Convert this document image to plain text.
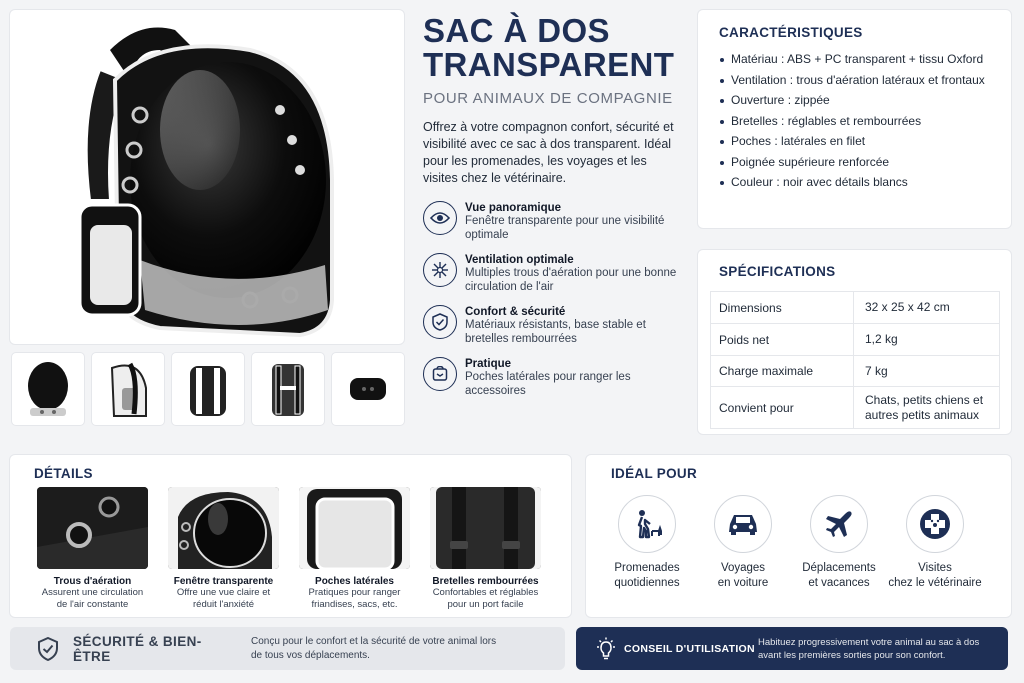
SAC À DOS
TRANSPARENT
POUR ANIMAUX DE COMPAGNIE

Offrez à votre compagnon confort, sécurité et visibilité avec ce sac à dos transparent. Idéal pour les promenades, les voyages et les visites chez le vétérinaire.

Vue panoramique
Fenêtre transparente pour une visibilité optimale
Ventilation optimale
Multiples trous d'aération pour une bonne circulation de l'air
Confort & sécurité
Matériaux résistants, base stable et bretelles rembourrées
Pratique
Poches latérales pour ranger les accessoires
CARACTÉRISTIQUES
Matériau : ABS + PC transparent + tissu Oxford
Ventilation : trous d'aération latéraux et frontaux
Ouverture : zippée
Bretelles : réglables et rembourrées
Poches : latérales en filet
Poignée supérieure renforcée
Couleur : noir avec détails blancs
SPÉCIFICATIONS
Dimensions	32 x 25 x 42 cm
Poids net	1,2 kg
Charge maximale	7 kg
Convient pour	Chats, petits chiens et autres petits animaux
DÉTAILS
Trous d'aération
Assurent une circulation de l'air constante
Fenêtre transparente
Offre une vue claire et réduit l'anxiété
Poches latérales
Pratiques pour ranger friandises, sacs, etc.
Bretelles rembourrées
Confortables et réglables pour un port facile
IDÉAL POUR
Promenades
quotidiennes
Voyages
en voiture
Déplacements
et vacances
Visites
chez le vétérinaire
SÉCURITÉ & BIEN-ÊTRE
Conçu pour le confort et la sécurité de votre animal lors de tous vos déplacements.
CONSEIL D'UTILISATION
Habituez progressivement votre animal au sac à dos avant les premières sorties pour son confort.
